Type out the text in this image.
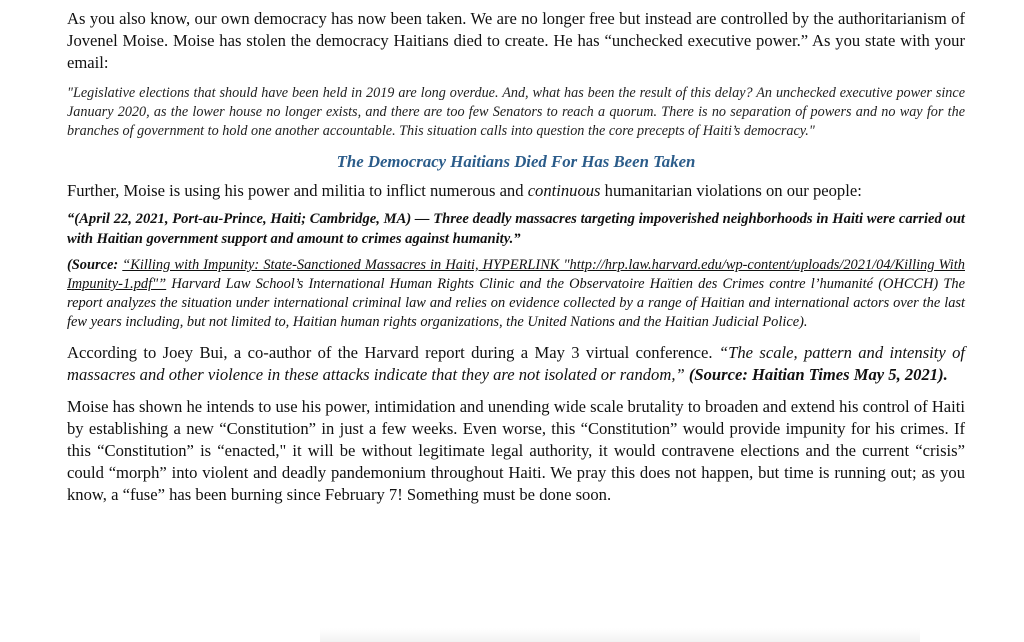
As you also know, our own democracy has now been taken. We are no longer free but instead are controlled by the authoritarianism of Jovenel Moise. Moise has stolen the democracy Haitians died to create. He has “unchecked executive power.” As you state with your email:

"Legislative elections that should have been held in 2019 are long overdue. And, what has been the result of this delay? An unchecked executive power since January 2020, as the lower house no longer exists, and there are too few Senators to reach a quorum. There is no separation of powers and no way for the branches of government to hold one another accountable. This situation calls into question the core precepts of Haiti’s democracy."

The Democracy Haitians Died For Has Been Taken

Further, Moise is using his power and militia to inflict numerous and continuous humanitarian violations on our people:

“(April 22, 2021, Port-au-Prince, Haiti; Cambridge, MA) — Three deadly massacres targeting impoverished neighborhoods in Haiti were carried out with Haitian government support and amount to crimes against humanity.”

(Source: “Killing with Impunity: State-Sanctioned Massacres in Haiti, HYPERLINK "http://hrp.law.harvard.edu/wp-content/uploads/2021/04/Killing With Impunity-1.pdf"” Harvard Law School’s International Human Rights Clinic and the Observatoire Haïtien des Crimes contre l’humanité (OHCCH) The report analyzes the situation under international criminal law and relies on evidence collected by a range of Haitian and international actors over the last few years including, but not limited to, Haitian human rights organizations, the United Nations and the Haitian Judicial Police).

According to Joey Bui, a co-author of the Harvard report during a May 3 virtual conference. “The scale, pattern and intensity of massacres and other violence in these attacks indicate that they are not isolated or random,” (Source: Haitian Times May 5, 2021).

Moise has shown he intends to use his power, intimidation and unending wide scale brutality to broaden and extend his control of Haiti by establishing a new “Constitution” in just a few weeks. Even worse, this “Constitution” would provide impunity for his crimes. If this “Constitution” is “enacted," it will be without legitimate legal authority, it would contravene elections and the current “crisis” could “morph” into violent and deadly pandemonium throughout Haiti. We pray this does not happen, but time is running out; as you know, a “fuse” has been burning since February 7! Something must be done soon.
